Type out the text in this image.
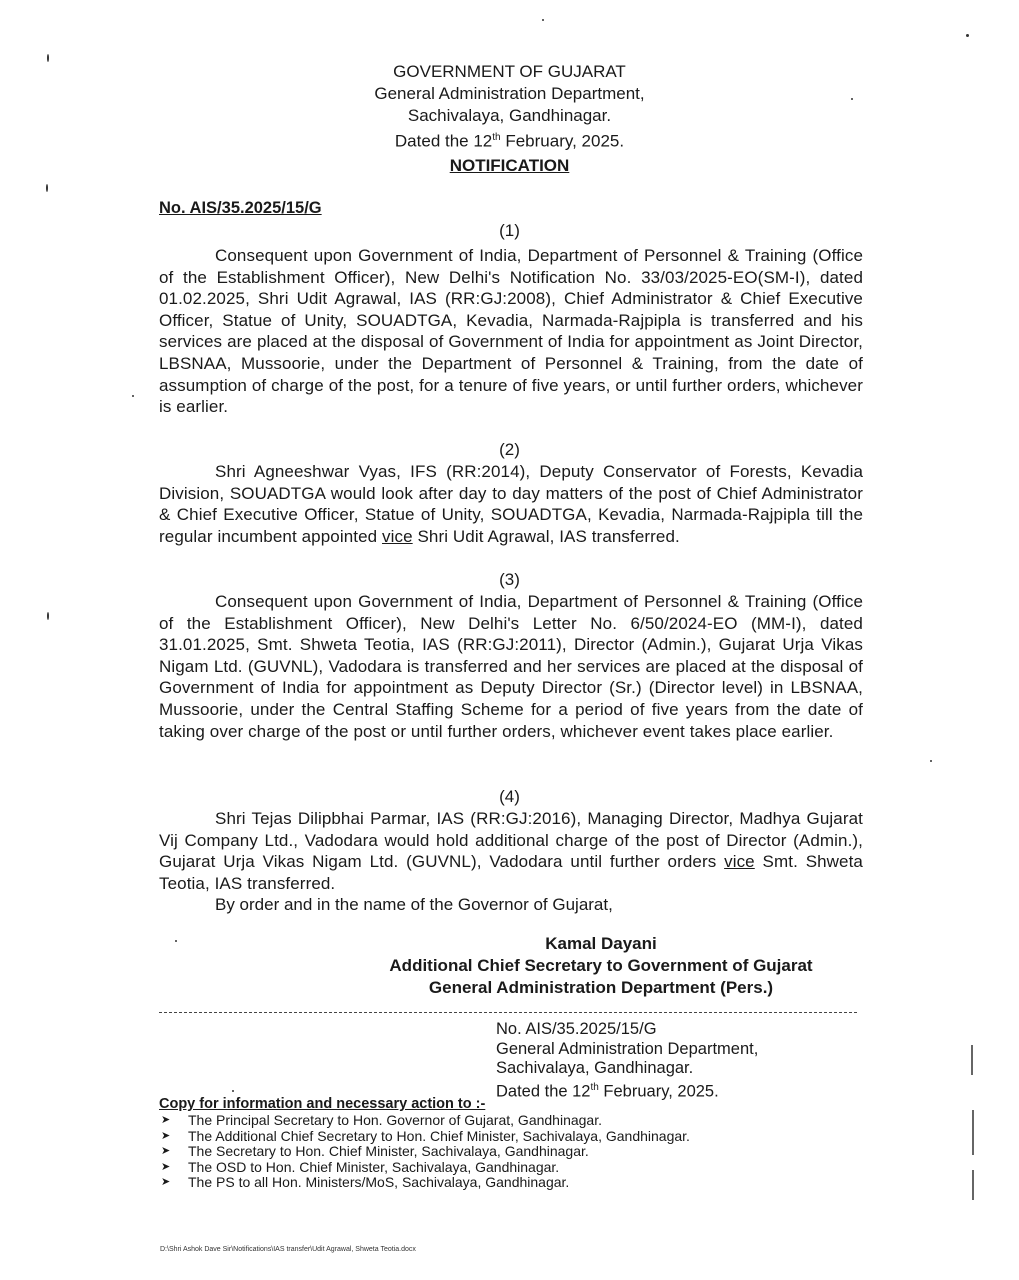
GOVERNMENT OF GUJARAT
General Administration Department,
Sachivalaya, Gandhinagar.
Dated the 12th February, 2025.
NOTIFICATION
No. AIS/35.2025/15/G
(1)

Consequent upon Government of India, Department of Personnel & Training (Office of the Establishment Officer), New Delhi's Notification No. 33/03/2025-EO(SM-I), dated 01.02.2025, Shri Udit Agrawal, IAS (RR:GJ:2008), Chief Administrator & Chief Executive Officer, Statue of Unity, SOUADTGA, Kevadia, Narmada-Rajpipla is transferred and his services are placed at the disposal of Government of India for appointment as Joint Director, LBSNAA, Mussoorie, under the Department of Personnel & Training, from the date of assumption of charge of the post, for a tenure of five years, or until further orders, whichever is earlier.

(2)

Shri Agneeshwar Vyas, IFS (RR:2014), Deputy Conservator of Forests, Kevadia Division, SOUADTGA would look after day to day matters of the post of Chief Administrator & Chief Executive Officer, Statue of Unity, SOUADTGA, Kevadia, Narmada-Rajpipla till the regular incumbent appointed vice Shri Udit Agrawal, IAS transferred.

(3)

Consequent upon Government of India, Department of Personnel & Training (Office of the Establishment Officer), New Delhi's Letter No. 6/50/2024-EO (MM-I), dated 31.01.2025, Smt. Shweta Teotia, IAS (RR:GJ:2011), Director (Admin.), Gujarat Urja Vikas Nigam Ltd. (GUVNL), Vadodara is transferred and her services are placed at the disposal of Government of India for appointment as Deputy Director (Sr.) (Director level) in LBSNAA, Mussoorie, under the Central Staffing Scheme for a period of five years from the date of taking over charge of the post or until further orders, whichever event takes place earlier.

(4)

Shri Tejas Dilipbhai Parmar, IAS (RR:GJ:2016), Managing Director, Madhya Gujarat Vij Company Ltd., Vadodara would hold additional charge of the post of Director (Admin.), Gujarat Urja Vikas Nigam Ltd. (GUVNL), Vadodara until further orders vice Smt. Shweta Teotia, IAS transferred.

By order and in the name of the Governor of Gujarat,
Kamal Dayani
Additional Chief Secretary to Government of Gujarat
General Administration Department (Pers.)
No. AIS/35.2025/15/G
General Administration Department,
Sachivalaya, Gandhinagar.
Dated the 12th February, 2025.
Copy for information and necessary action to :-
➤ The Principal Secretary to Hon. Governor of Gujarat, Gandhinagar.
➤ The Additional Chief Secretary to Hon. Chief Minister, Sachivalaya, Gandhinagar.
➤ The Secretary to Hon. Chief Minister, Sachivalaya, Gandhinagar.
➤ The OSD to Hon. Chief Minister, Sachivalaya, Gandhinagar.
➤ The PS to all Hon. Ministers/MoS, Sachivalaya, Gandhinagar.
D:\Shri Ashok Dave Sir\Notifications\IAS transfer\Udit Agrawal, Shweta Teotia.docx
